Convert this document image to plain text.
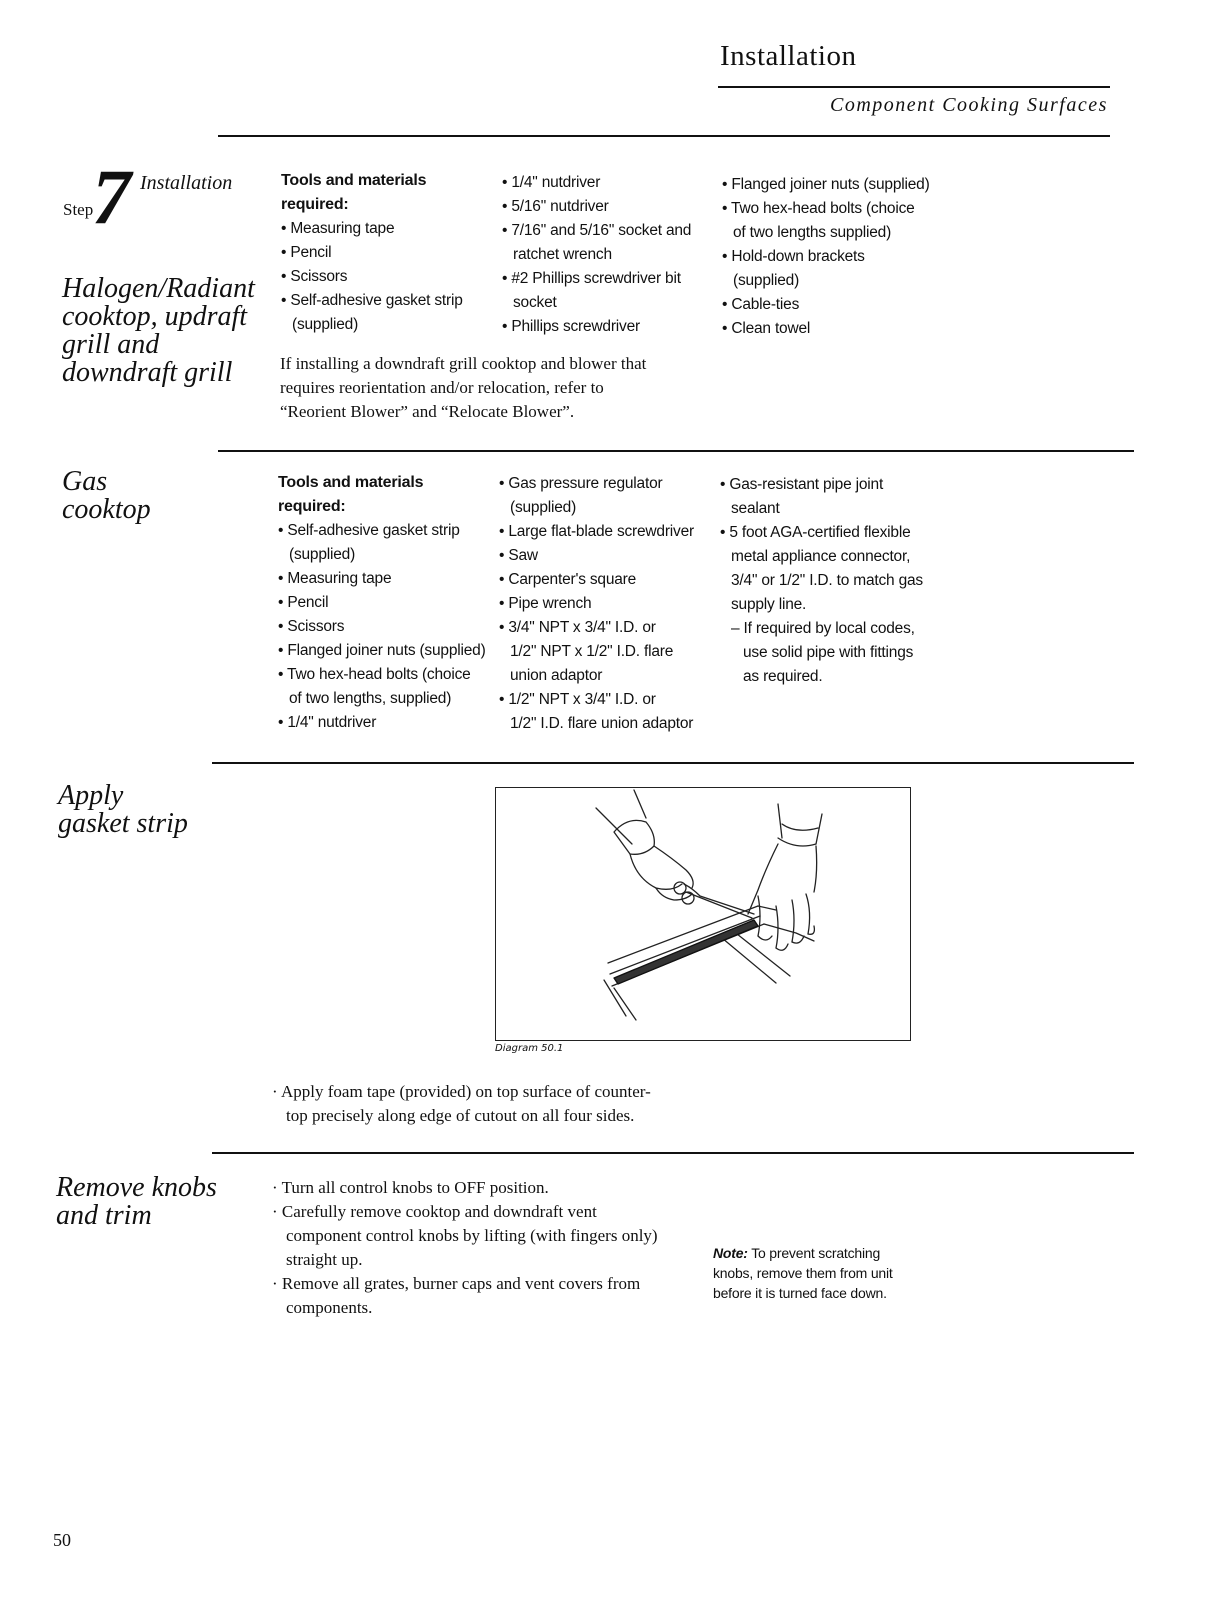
Installation
Component Cooking Surfaces
Step
7 Installation
Halogen/Radiant
cooktop, updraft
grill and
downdraft grill
Tools and materials
required:
• Measuring tape
• Pencil
• Scissors
• Self-adhesive gasket strip
(supplied)
• 1/4" nutdriver
• 5/16" nutdriver
• 7/16" and 5/16" socket and
ratchet wrench
• #2 Phillips screwdriver bit
socket
• Phillips screwdriver
• Flanged joiner nuts (supplied)
• Two hex-head bolts (choice
of two lengths supplied)
• Hold-down brackets
(supplied)
• Cable-ties
• Clean towel
If installing a downdraft grill cooktop and blower that
requires reorientation and/or relocation, refer to
“Reorient Blower” and “Relocate Blower”.
Gas
cooktop
Tools and materials
required:
• Self-adhesive gasket strip
(supplied)
• Measuring tape
• Pencil
• Scissors
• Flanged joiner nuts (supplied)
• Two hex-head bolts (choice
of two lengths, supplied)
• 1/4" nutdriver
• Gas pressure regulator
(supplied)
• Large flat-blade screwdriver
• Saw
• Carpenter's square
• Pipe wrench
• 3/4" NPT x 3/4" I.D. or
1/2" NPT x 1/2" I.D. flare
union adaptor
• 1/2" NPT x 3/4" I.D. or
1/2" I.D. flare union adaptor
• Gas-resistant pipe joint
sealant
• 5 foot AGA-certified flexible
metal appliance connector,
3/4" or 1/2" I.D. to match gas
supply line.
– If required by local codes,
use solid pipe with fittings
as required.
Apply
gasket strip
Diagram 50.1
· Apply foam tape (provided) on top surface of counter-
top precisely along edge of cutout on all four sides.
Remove knobs
and trim
· Turn all control knobs to OFF position.
· Carefully remove cooktop and downdraft vent
component control knobs by lifting (with fingers only)
straight up.
· Remove all grates, burner caps and vent covers from
components.
Note: To prevent scratching
knobs, remove them from unit
before it is turned face down.
50
